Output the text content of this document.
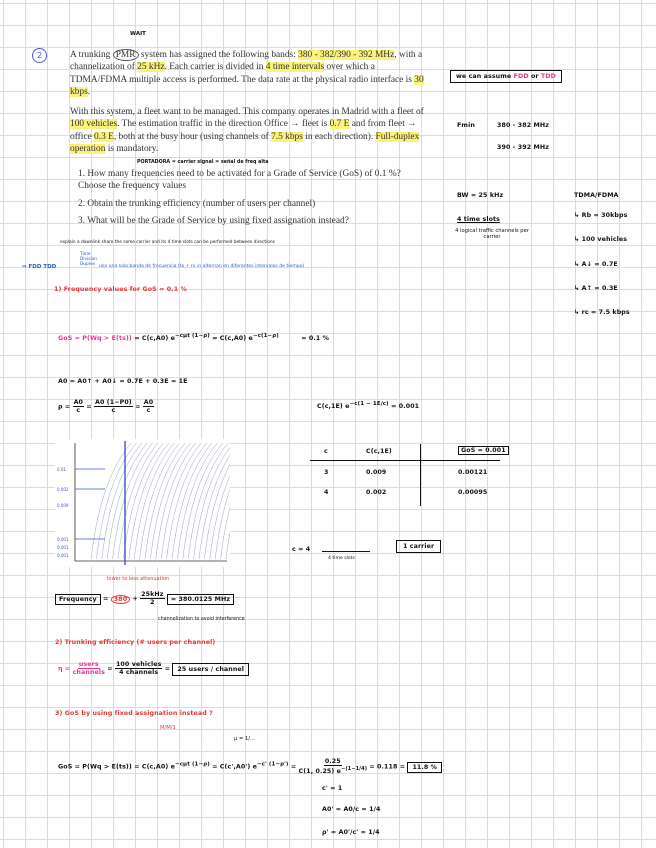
2
WAIT
A trunking PMR system has assigned the following bands: 380 - 382/390 - 392 MHz, with a channelization of 25 kHz. Each carrier is divided in 4 time intervals over which a TDMA/FDMA multiple access is performed. The data rate at the physical radio interface is 30 kbps.
With this system, a fleet want to be managed. This company operates in Madrid with a fleet of 100 vehicles. The estimation traffic in the direction Office → fleet is 0.7 E and from fleet → office 0.3 E, both at the busy hour (using channels of 7.5 kbps in each direction). Full-duplex operation is mandatory.
PORTADORA = carrier signal = señal de freq alta
1. How many frequencies need to be activated for a Grade of Service (GoS) of 0.1 %? Choose the frequency values
2. Obtain the trunking efficiency (number of users per channel)
3. What will be the Grade of Service by using fixed assignation instead?
explain a downlink share the same carrier and its 4 time slots can be performed between directions
⇒ FDD TDD
Time Division Duplex usa una sola banda de frecuencia (tx + rx in alternan en diferentes intervalos de tiempo)
we can assume FDD or TDD
Fmin	380 - 382 MHz
390 - 392 MHz
BW = 25 kHz
4 time slots
4 logical traffic channels per carrier
TDMA/FDMA
↳ Rb = 30kbps
↳ 100 vehicles
↳ A↓ = 0.7E
↳ A↑ = 0.3E
↳ rc = 7.5 kbps
1) Frequency values for GoS = 0.1 %
GoS = P(Wq > E(ts)) = C(c,A0) $e^{-c\mu t (1-\rho)} = C(c,A0)$ $e^{-c(1-\rho)}$	= 0.1 %
A0 = A0↑ + A0↓ = 0.7E + 0.3E = 1E
$\rho = \frac{A0}{c} = \frac{A0 (1-P0)}{c} = \frac{A0}{c}$	C(c,1E) $e^{-c(1 - 1E/c)} = 0.001$
0.01
0.002
0.009
0.001
0.001
0.001
lower to less attenuation
c	C(c,1E)	GoS = 0.001
3	0.009	0.00121
4	0.002	0.00095
c = 4
4 time slots
1 carrier
Frequency = $380 + \frac{\text{25kHz}}{2} = 380.0125$ MHz
channelization to avoid interference
2) Trunking efficiency (# users per channel)
$\eta = \frac{\text{users}}{\text{channels}} = \frac{\text{100 vehicles}}{\text{4 channels}} = 25$ users / channel
3) GoS by using fixed assignation instead ?
M/M/1
μ = 1/...
GoS = P(Wq > E(ts)) = C(c,A0) $e^{-c\mu t (1-\rho)} = C(c',A0') e^{-c' (1-\rho')} = \frac{0.25}{C(1, 0.25) e^{-(1-1/4)}} = 0.118 = 11.8$ %
c' = 1
A0' = A0/c = 1/4
ρ' = A0'/c' = 1/4
